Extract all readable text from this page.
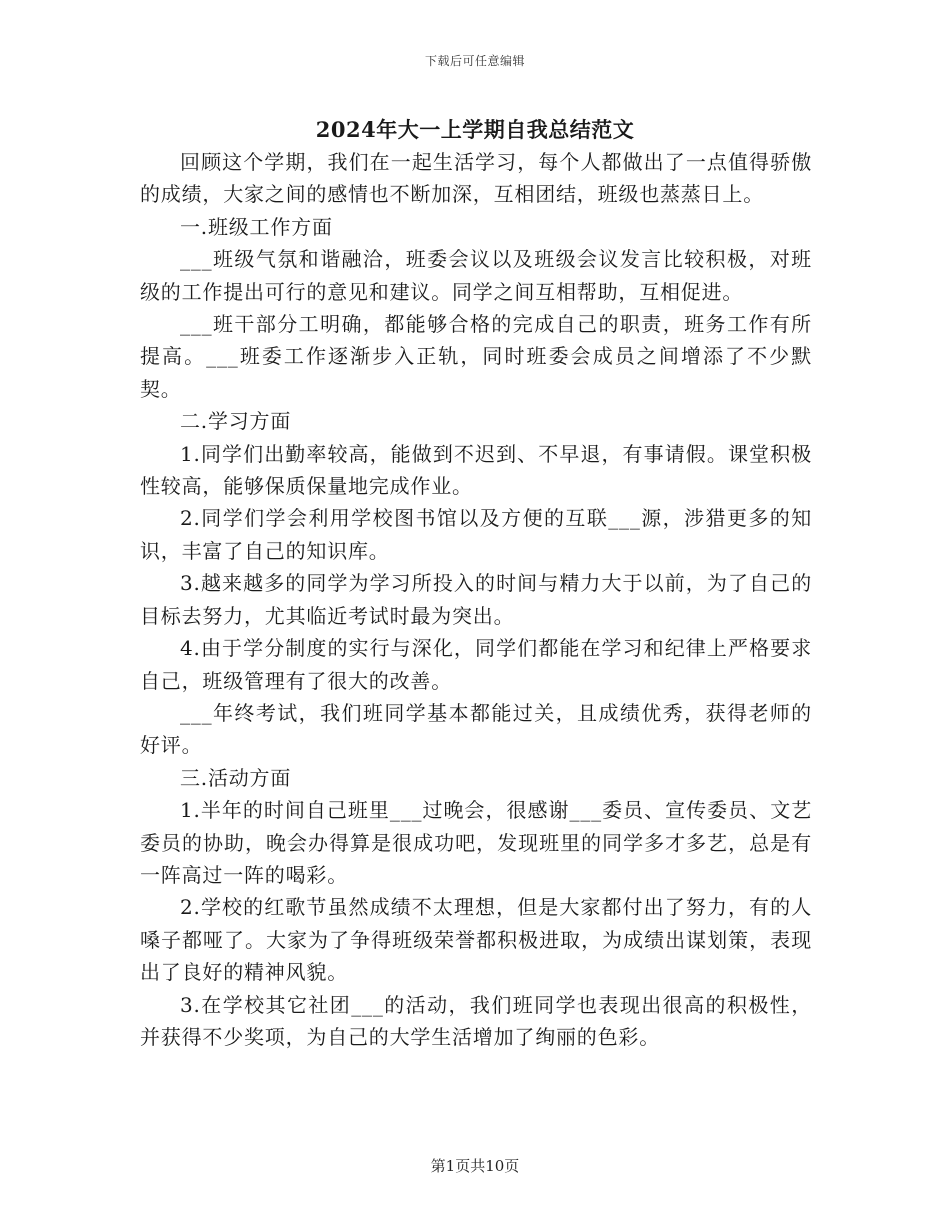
下载后可任意编辑
2024年大一上学期自我总结范文

回顾这个学期，我们在一起生活学习，每个人都做出了一点值得骄傲的成绩，大家之间的感情也不断加深，互相团结，班级也蒸蒸日上。

一.班级工作方面

___班级气氛和谐融洽，班委会议以及班级会议发言比较积极，对班级的工作提出可行的意见和建议。同学之间互相帮助，互相促进。

___班干部分工明确，都能够合格的完成自己的职责，班务工作有所提高。___班委工作逐渐步入正轨，同时班委会成员之间增添了不少默契。

二.学习方面

1.同学们出勤率较高，能做到不迟到、不早退，有事请假。课堂积极性较高，能够保质保量地完成作业。

2.同学们学会利用学校图书馆以及方便的互联___源，涉猎更多的知识，丰富了自己的知识库。

3.越来越多的同学为学习所投入的时间与精力大于以前，为了自己的目标去努力，尤其临近考试时最为突出。

4.由于学分制度的实行与深化，同学们都能在学习和纪律上严格要求自己，班级管理有了很大的改善。

___年终考试，我们班同学基本都能过关，且成绩优秀，获得老师的好评。

三.活动方面

1.半年的时间自己班里___过晚会，很感谢___委员、宣传委员、文艺委员的协助，晚会办得算是很成功吧，发现班里的同学多才多艺，总是有一阵高过一阵的喝彩。

2.学校的红歌节虽然成绩不太理想，但是大家都付出了努力，有的人嗓子都哑了。大家为了争得班级荣誉都积极进取，为成绩出谋划策，表现出了良好的精神风貌。

3.在学校其它社团___的活动，我们班同学也表现出很高的积极性，并获得不少奖项，为自己的大学生活增加了绚丽的色彩。

第1页共10页
